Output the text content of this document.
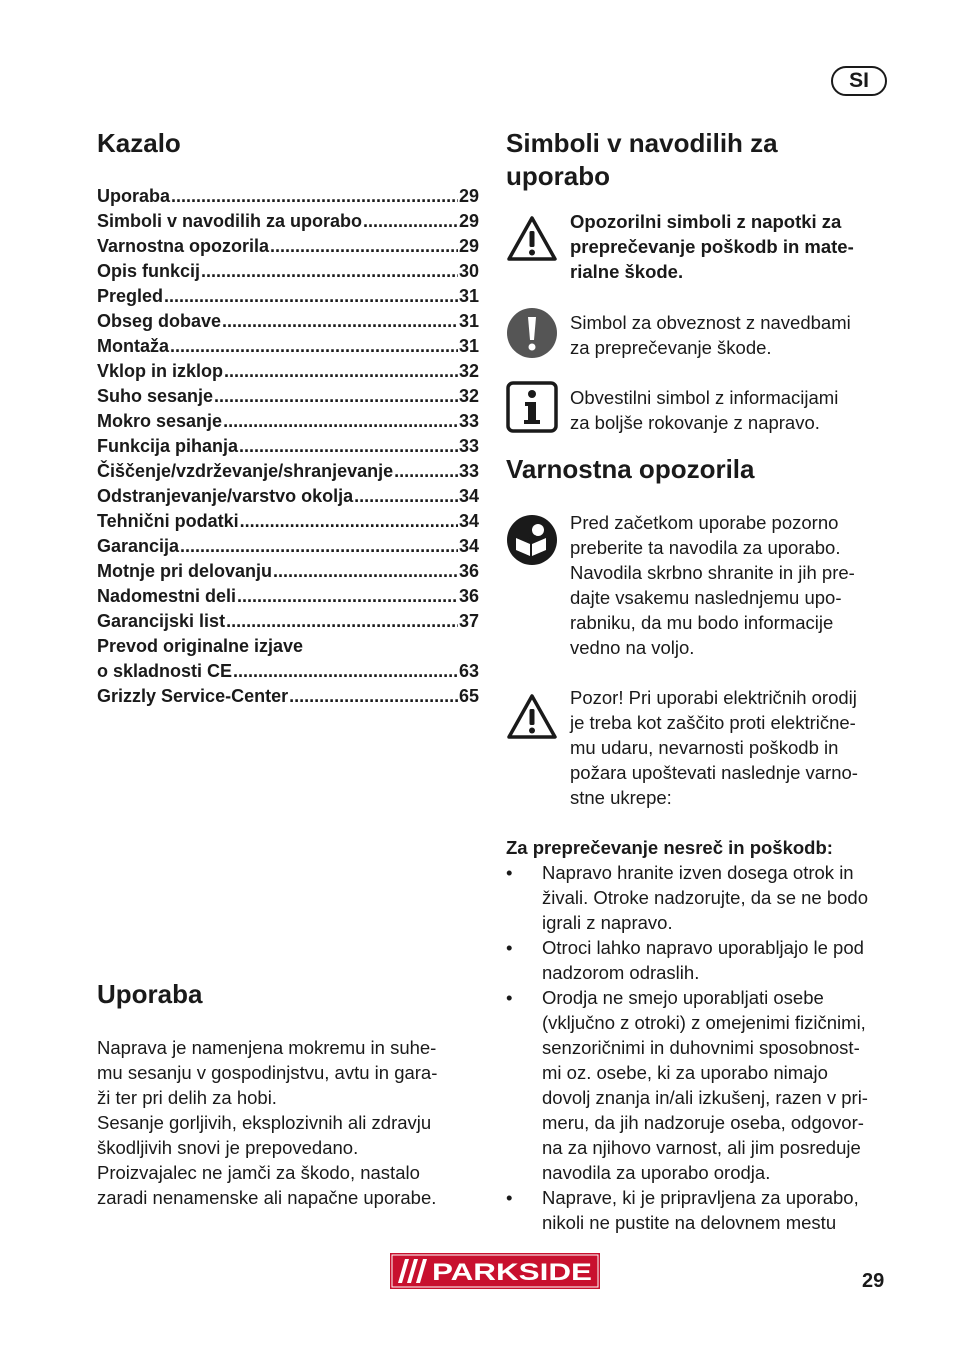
SI
Kazalo
Uporaba .....	29
Simboli v navodilih za uporabo .....	29
Varnostna opozorila .....	29
Opis funkcij .....	30
Pregled .....	31
Obseg dobave .....	31
Montaža .....	31
Vklop in izklop .....	32
Suho sesanje .....	32
Mokro sesanje .....	33
Funkcija pihanja .....	33
Čiščenje/vzdrževanje/shranjevanje .....	33
Odstranjevanje/varstvo okolja .....	34
Tehnični podatki .....	34
Garancija .....	34
Motnje pri delovanju .....	36
Nadomestni deli .....	36
Garancijski list .....	37
Prevod originalne izjave
o skladnosti CE .....	63
Grizzly Service-Center .....	65
Uporaba
Naprava je namenjena mokremu in suhe-
mu sesanju v gospodinjstvu, avtu in gara-
ži ter pri delih za hobi.
Sesanje gorljivih, eksplozivnih ali zdravju
škodljivih snovi je prepovedano.
Proizvajalec ne jamči za škodo, nastalo
zaradi nenamenske ali napačne uporabe.
Simboli v navodilih za
uporabo
Opozorilni simboli z napotki za
preprečevanje poškodb in mate-
rialne škode.
Simbol za obveznost z navedbami
za preprečevanje škode.
Obvestilni simbol z informacijami
za boljše rokovanje z napravo.
Varnostna opozorila
Pred začetkom uporabe pozorno
preberite ta navodila za uporabo.
Navodila skrbno shranite in jih pre-
dajte vsakemu naslednjemu upo-
rabniku, da mu bodo informacije
vedno na voljo.
Pozor! Pri uporabi električnih orodij
je treba kot zaščito proti električne-
mu udaru, nevarnosti poškodb in
požara upoštevati naslednje varno-
stne ukrepe:
Za preprečevanje nesreč in poškodb:
• Napravo hranite izven dosega otrok in
živali. Otroke nadzorujte, da se ne bodo
igrali z napravo.
• Otroci lahko napravo uporabljajo le pod
nadzorom odraslih.
• Orodja ne smejo uporabljati osebe
(vključno z otroki) z omejenimi fizičnimi,
senzoričnimi in duhovnimi sposobnost-
mi oz. osebe, ki za uporabo nimajo
dovolj znanja in/ali izkušenj, razen v pri-
meru, da jih nadzoruje oseba, odgovor-
na za njihovo varnost, ali jim posreduje
navodila za uporabo orodja.
• Naprave, ki je pripravljena za uporabo,
nikoli ne pustite na delovnem mestu
PARKSIDE	29
